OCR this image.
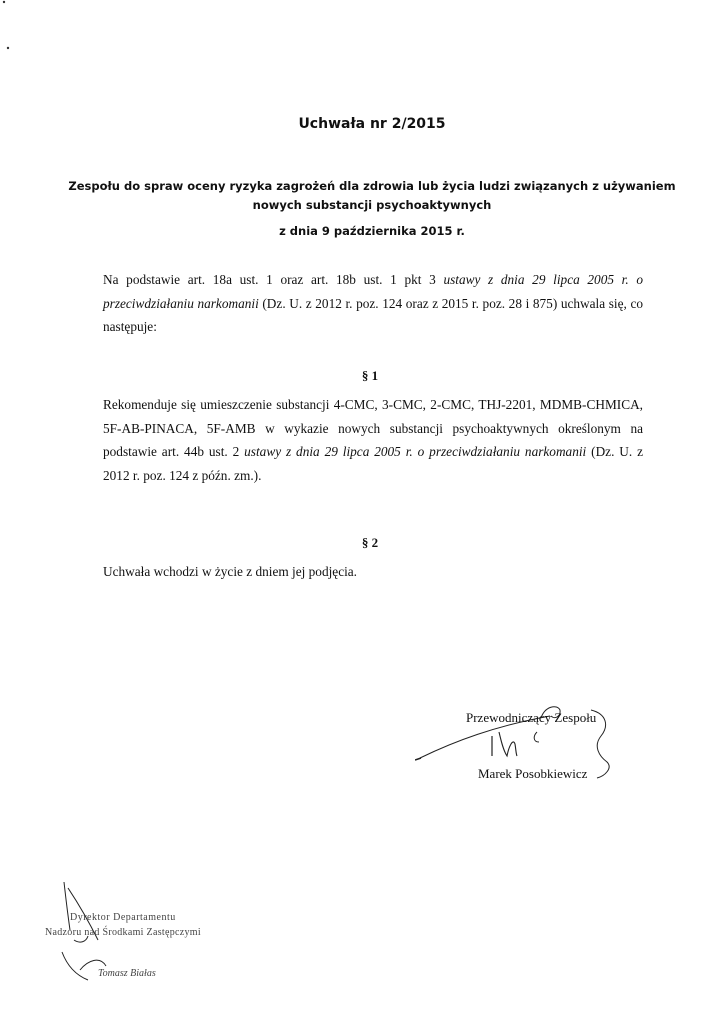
Uchwała nr 2/2015

Zespołu do spraw oceny ryzyka zagrożeń dla zdrowia lub życia ludzi związanych z używaniem
nowych substancji psychoaktywnych

z dnia 9 października 2015 r.

Na podstawie art. 18a ust. 1 oraz art. 18b ust. 1 pkt 3 ustawy z dnia 29 lipca 2005 r. o przeciwdziałaniu narkomanii (Dz. U. z 2012 r. poz. 124 oraz z 2015 r. poz. 28 i 875) uchwala się, co następuje:

§ 1

Rekomenduje się umieszczenie substancji 4-CMC, 3-CMC, 2-CMC, THJ-2201, MDMB-CHMICA, 5F-AB-PINACA, 5F-AMB w wykazie nowych substancji psychoaktywnych określonym na podstawie art. 44b ust. 2 ustawy z dnia 29 lipca 2005 r. o przeciwdziałaniu narkomanii (Dz. U. z 2012 r. poz. 124 z późn. zm.).

§ 2

Uchwała wchodzi w życie z dniem jej podjęcia.

Przewodniczący Zespołu

Marek Posobkiewicz

Dyrektor Departamentu

Nadzoru nad Środkami Zastępczymi

Tomasz Białas
